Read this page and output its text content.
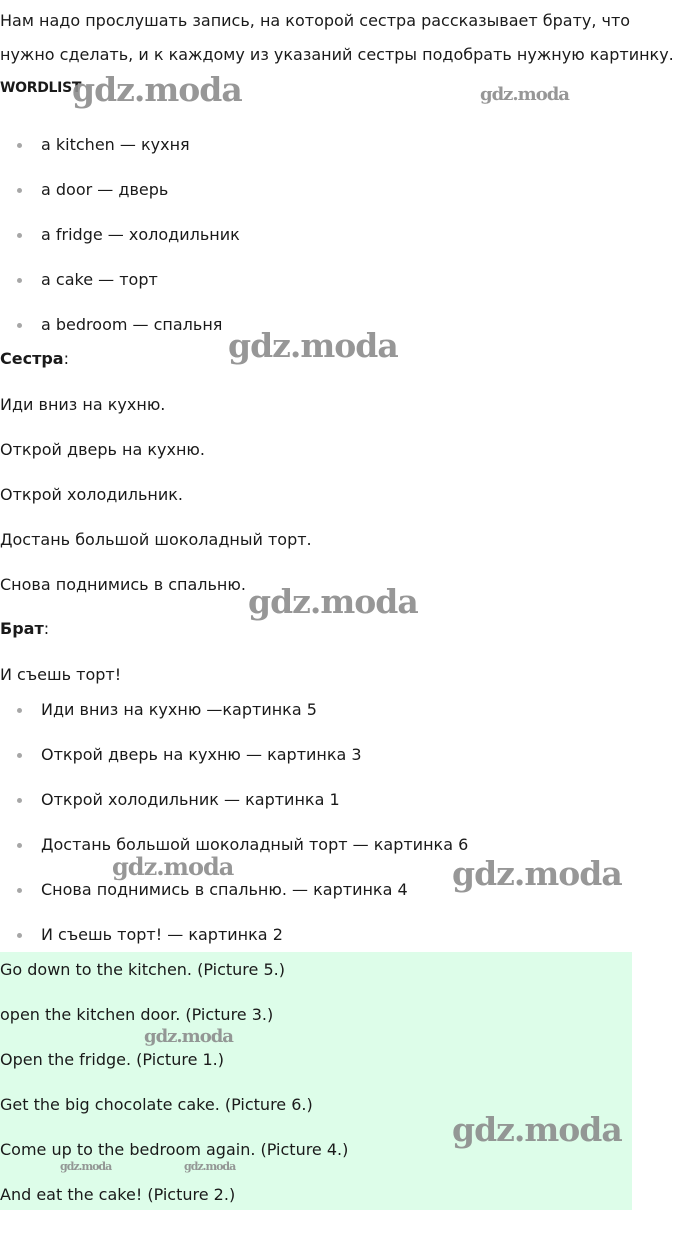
Нам надо прослушать запись, на которой сестра рассказывает брату, что нужно сделать, и к каждому из указаний сестры подобрать нужную картинку.

WORDLIST

a kitchen — кухня
a door — дверь
a fridge — холодильник
a cake — торт
a bedroom — спальня

Сестра:

Иди вниз на кухню.

Открой дверь на кухню.

Открой холодильник.

Достань большой шоколадный торт.

Снова поднимись в спальню.

Брат:

И съешь торт!

Иди вниз на кухню —картинка 5
Открой дверь на кухню — картинка 3
Открой холодильник — картинка 1
Достань большой шоколадный торт — картинка 6
Снова поднимись в спальню. — картинка 4
И съешь торт! — картинка 2

Go down to the kitchen. (Picture 5.)

open the kitchen door. (Picture 3.)

Open the fridge. (Picture 1.)

Get the big chocolate cake. (Picture 6.)

Come up to the bedroom again. (Picture 4.)

And eat the cake! (Picture 2.)

gdz.moda	gdz.moda
gdz.moda
gdz.moda
gdz.moda	gdz.moda
gdz.moda
gdz.moda
gdz.moda	gdz.moda
